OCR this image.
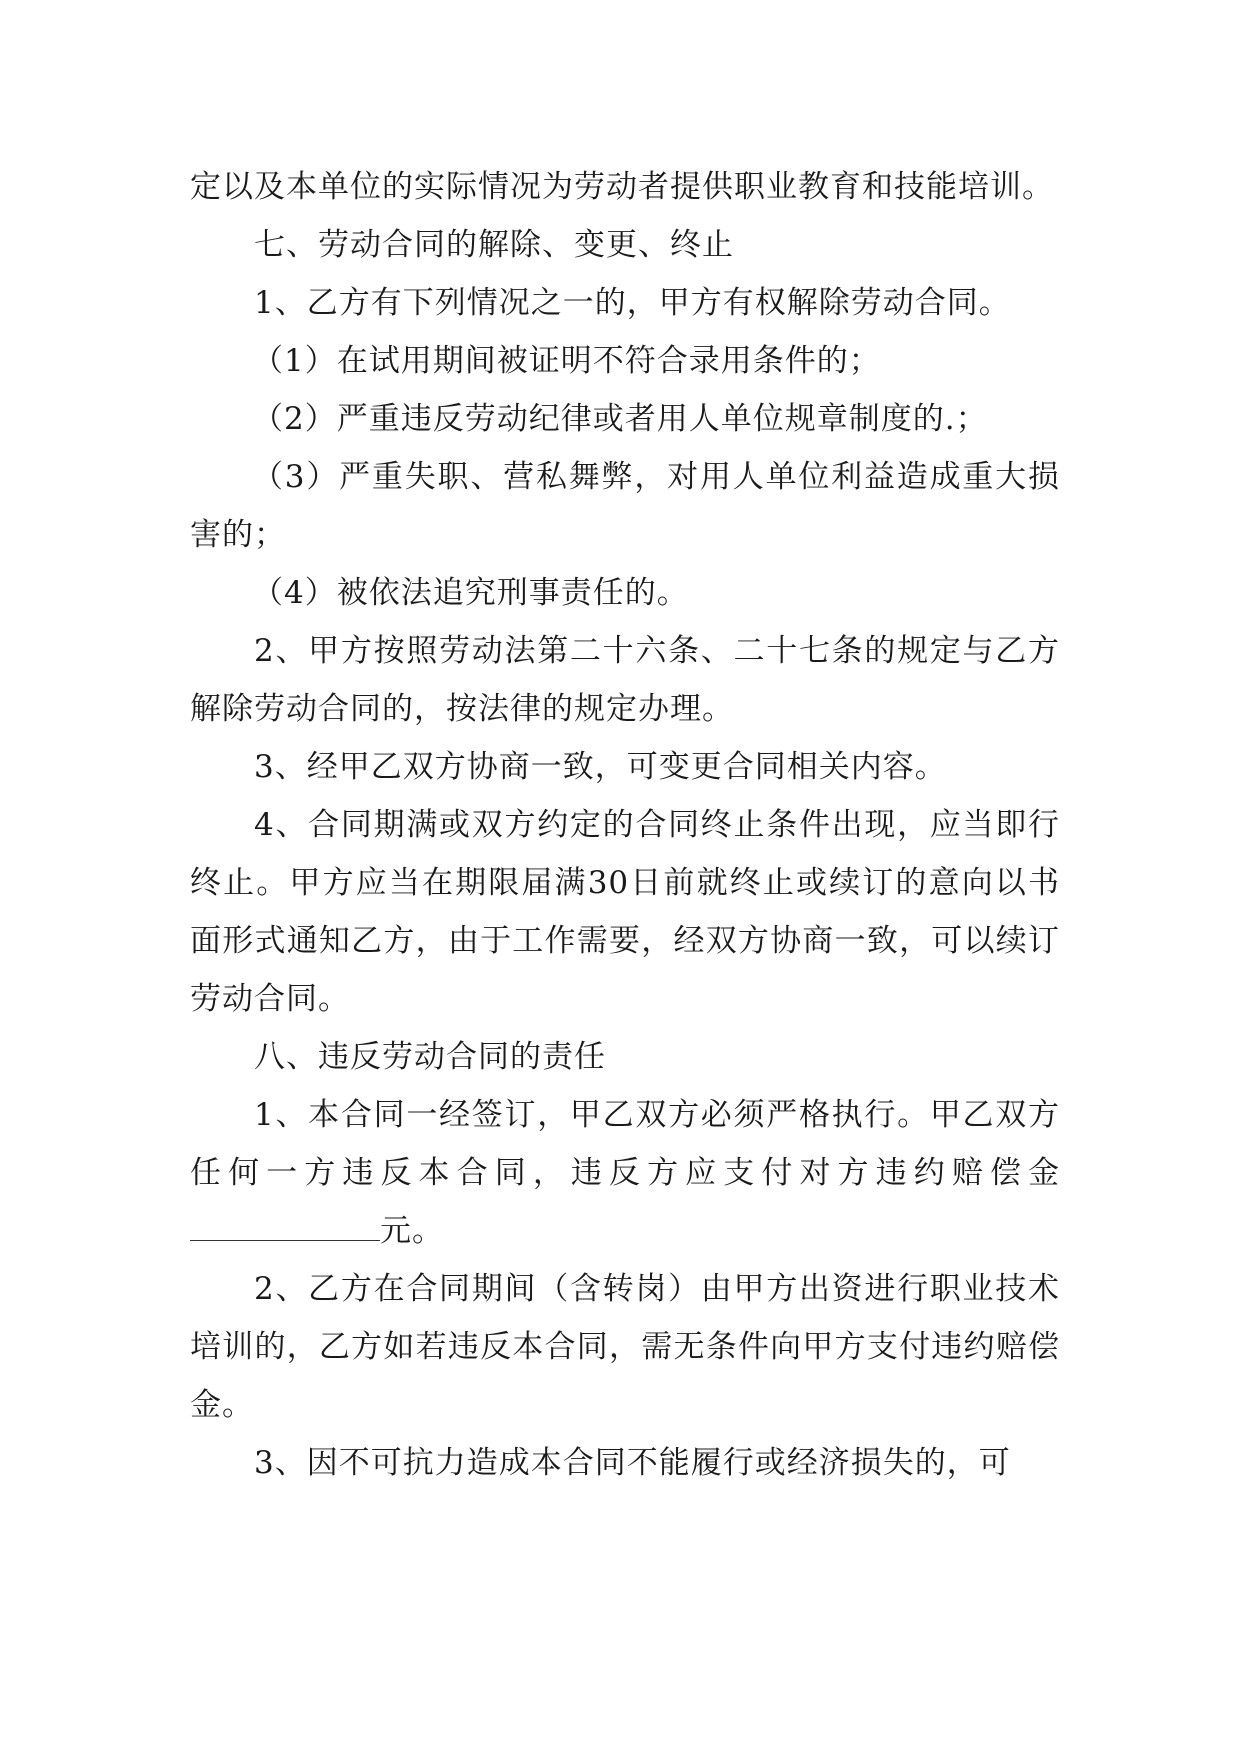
定以及本单位的实际情况为劳动者提供职业教育和技能培训。

七、劳动合同的解除、变更、终止

1、乙方有下列情况之一的，甲方有权解除劳动合同。

（1）在试用期间被证明不符合录用条件的；

（2）严重违反劳动纪律或者用人单位规章制度的.；

（3）严重失职、营私舞弊，对用人单位利益造成重大损害的；

（4）被依法追究刑事责任的。

2、甲方按照劳动法第二十六条、二十七条的规定与乙方解除劳动合同的，按法律的规定办理。

3、经甲乙双方协商一致，可变更合同相关内容。

4、合同期满或双方约定的合同终止条件出现，应当即行终止。甲方应当在期限届满30日前就终止或续订的意向以书面形式通知乙方，由于工作需要，经双方协商一致，可以续订劳动合同。

八、违反劳动合同的责任

1、本合同一经签订，甲乙双方必须严格执行。甲乙双方任何一方违反本合同，违反方应支付对方违约赔偿金元。

2、乙方在合同期间（含转岗）由甲方出资进行职业技术培训的，乙方如若违反本合同，需无条件向甲方支付违约赔偿金。

3、因不可抗力造成本合同不能履行或经济损失的，可
